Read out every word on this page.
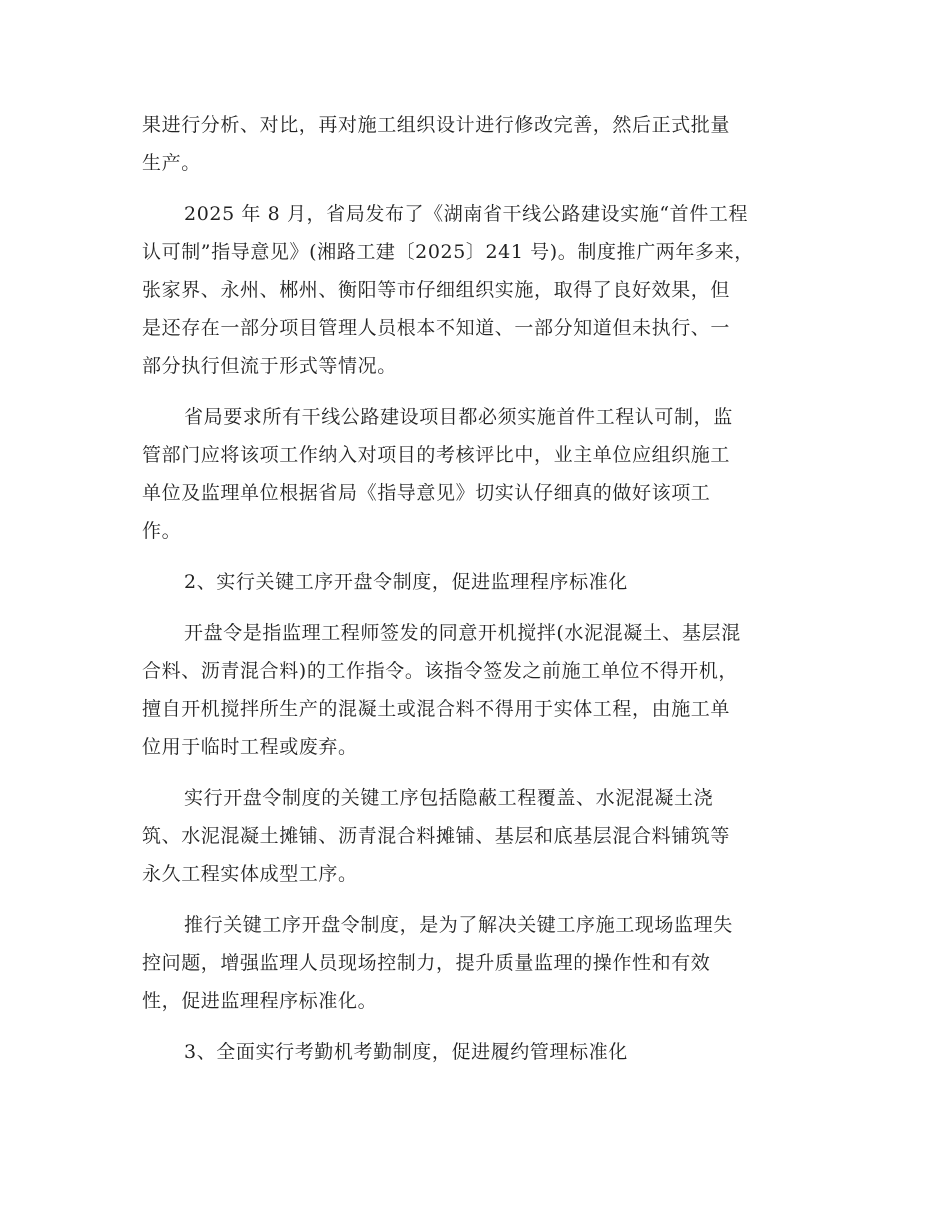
果进行分析、对比，再对施工组织设计进行修改完善，然后正式批量

生产。

2025 年 8 月，省局发布了《湖南省干线公路建设实施“首件工程

认可制”指导意见》(湘路工建〔2025〕241 号)。制度推广两年多来，

张家界、永州、郴州、衡阳等市仔细组织实施，取得了良好效果，但

是还存在一部分项目管理人员根本不知道、一部分知道但未执行、一

部分执行但流于形式等情况。

省局要求所有干线公路建设项目都必须实施首件工程认可制，监

管部门应将该项工作纳入对项目的考核评比中，业主单位应组织施工

单位及监理单位根据省局《指导意见》切实认仔细真的做好该项工

作。

2、实行关键工序开盘令制度，促进监理程序标准化

开盘令是指监理工程师签发的同意开机搅拌(水泥混凝土、基层混

合料、沥青混合料)的工作指令。该指令签发之前施工单位不得开机，

擅自开机搅拌所生产的混凝土或混合料不得用于实体工程，由施工单

位用于临时工程或废弃。

实行开盘令制度的关键工序包括隐蔽工程覆盖、水泥混凝土浇

筑、水泥混凝土摊铺、沥青混合料摊铺、基层和底基层混合料铺筑等

永久工程实体成型工序。

推行关键工序开盘令制度，是为了解决关键工序施工现场监理失

控问题，增强监理人员现场控制力，提升质量监理的操作性和有效

性，促进监理程序标准化。

3、全面实行考勤机考勤制度，促进履约管理标准化
